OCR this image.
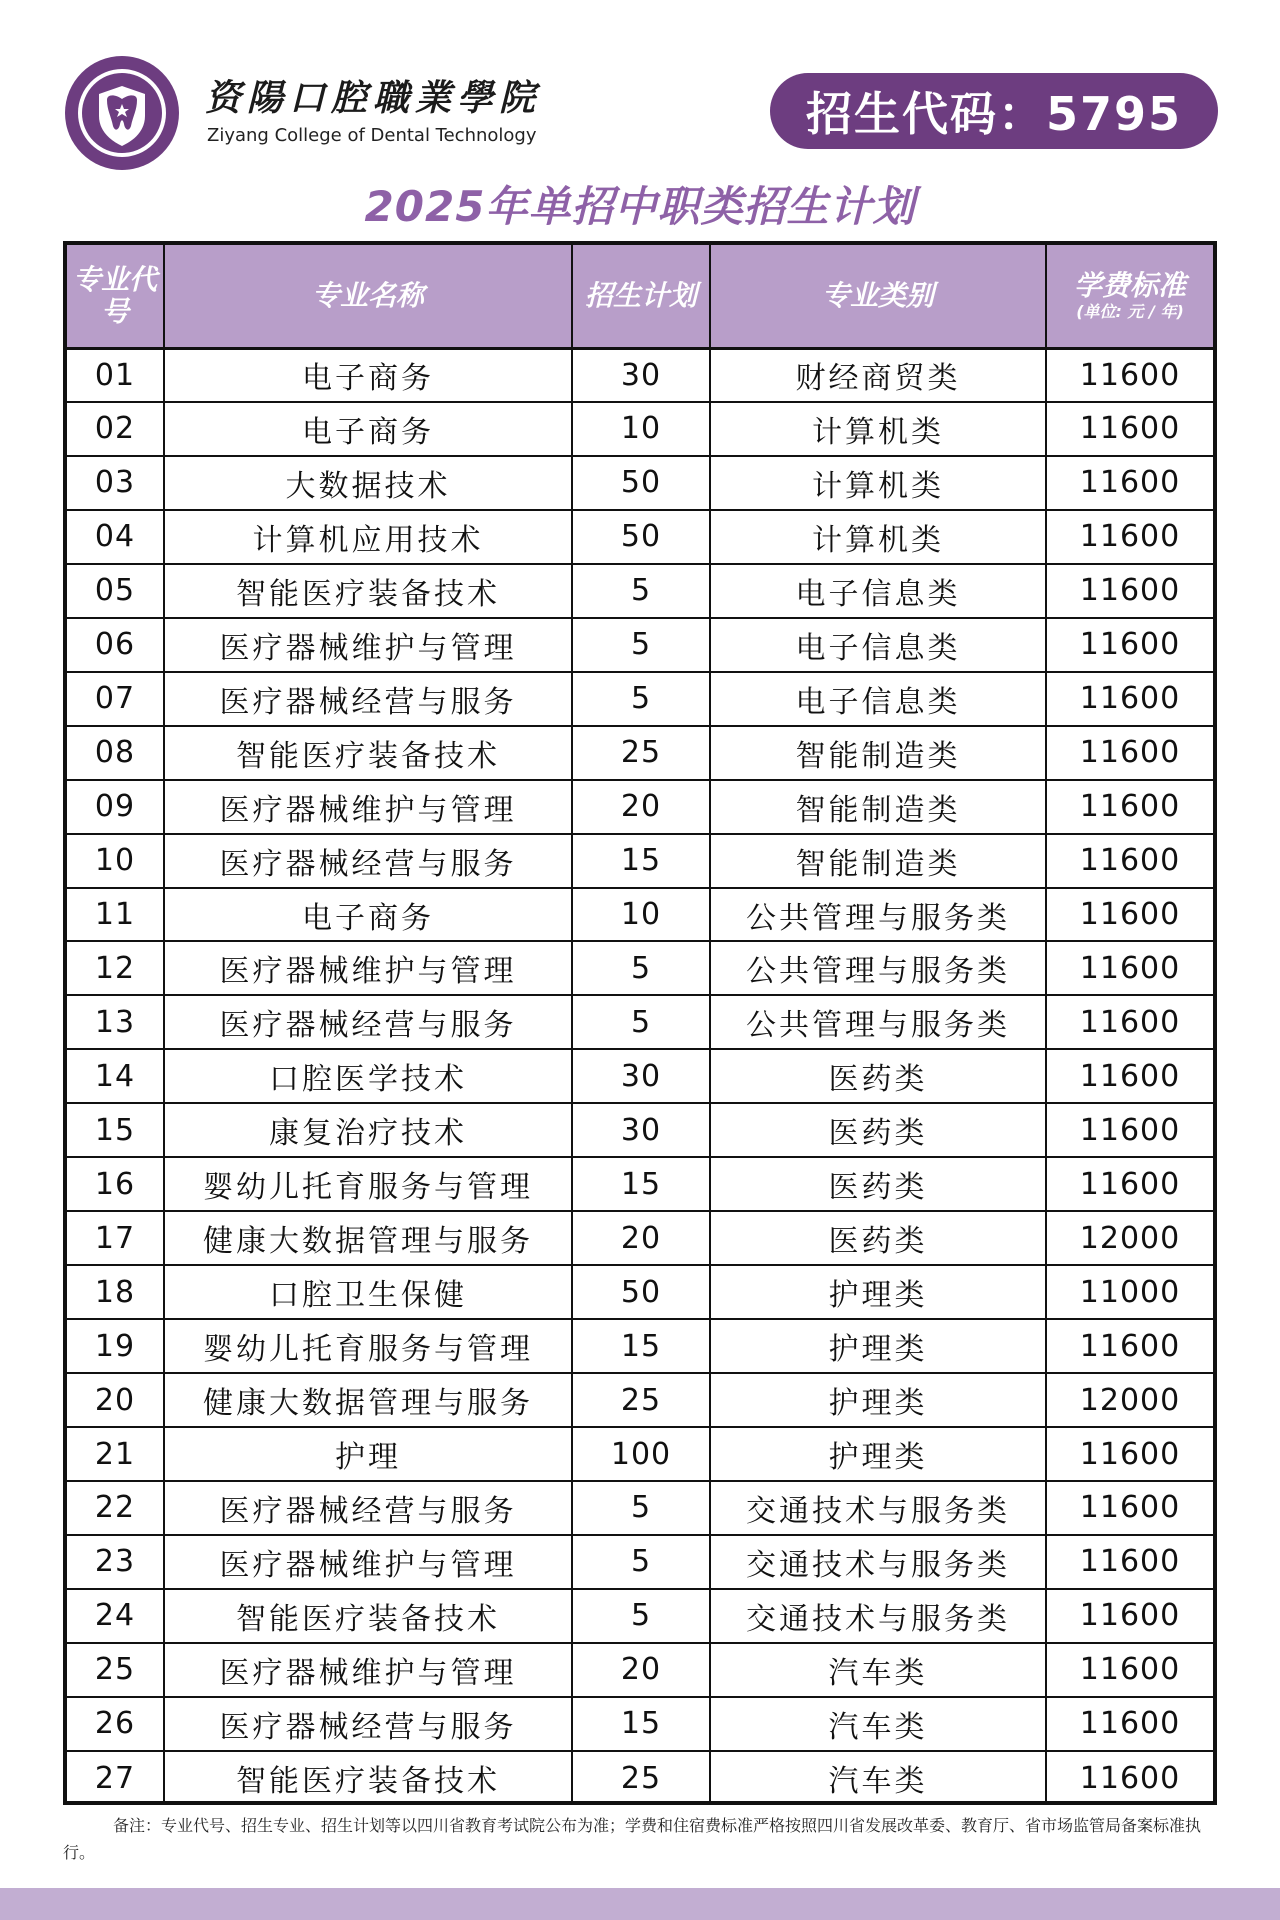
资陽口腔職業學院
Ziyang College of Dental Technology	招生代码：5795
2025年单招中职类招生计划
专业代号	专业名称	招生计划	专业类别	学费标准
(单位: 元 / 年)

01	电子商务	30	财经商贸类	11600
02	电子商务	10	计算机类	11600
03	大数据技术	50	计算机类	11600
04	计算机应用技术	50	计算机类	11600
05	智能医疗装备技术	5	电子信息类	11600
06	医疗器械维护与管理	5	电子信息类	11600
07	医疗器械经营与服务	5	电子信息类	11600
08	智能医疗装备技术	25	智能制造类	11600
09	医疗器械维护与管理	20	智能制造类	11600
10	医疗器械经营与服务	15	智能制造类	11600
11	电子商务	10	公共管理与服务类	11600
12	医疗器械维护与管理	5	公共管理与服务类	11600
13	医疗器械经营与服务	5	公共管理与服务类	11600
14	口腔医学技术	30	医药类	11600
15	康复治疗技术	30	医药类	11600
16	婴幼儿托育服务与管理	15	医药类	11600
17	健康大数据管理与服务	20	医药类	12000
18	口腔卫生保健	50	护理类	11000
19	婴幼儿托育服务与管理	15	护理类	11600
20	健康大数据管理与服务	25	护理类	12000
21	护理	100	护理类	11600
22	医疗器械经营与服务	5	交通技术与服务类	11600
23	医疗器械维护与管理	5	交通技术与服务类	11600
24	智能医疗装备技术	5	交通技术与服务类	11600
25	医疗器械维护与管理	20	汽车类	11600
26	医疗器械经营与服务	15	汽车类	11600
27	智能医疗装备技术	25	汽车类	11600
备注：专业代号、招生专业、招生计划等以四川省教育考试院公布为准；学费和住宿费标准严格按照四川省发展改革委、教育厅、省市场监管局备案标准执行。
